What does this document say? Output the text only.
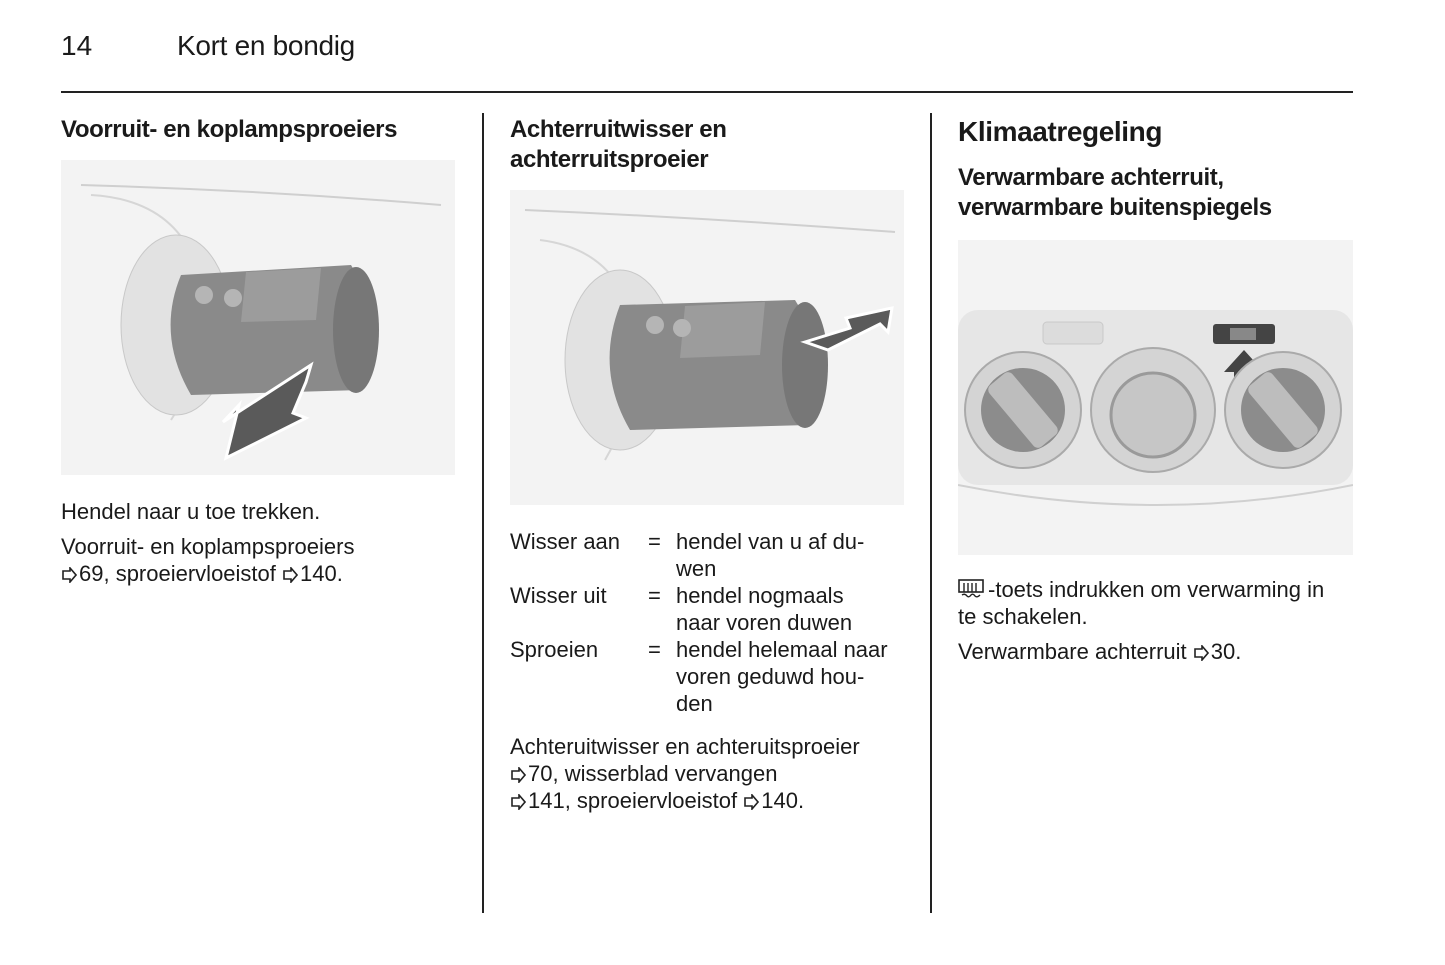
14	Kort en bondig
Voorruit- en koplampsproeiers

Hendel naar u toe trekken.

Voorruit- en koplampsproeiers

69, sproeiervloeistof 140.

Achterruitwisser en
achterruitsproeier
Wisser aan = hendel van u af du-
wen
Wisser uit = hendel nogmaals
naar voren duwen
Sproeien = hendel helemaal naar
voren geduwd hou-
den

Achteruitwisser en achteruitsproeier

70, wisserblad vervangen

141, sproeiervloeistof 140.

Klimaatregeling
Verwarmbare achterruit,
verwarmbare buitenspiegels

-toets indrukken om verwarming in

te schakelen.

Verwarmbare achterruit 30.
